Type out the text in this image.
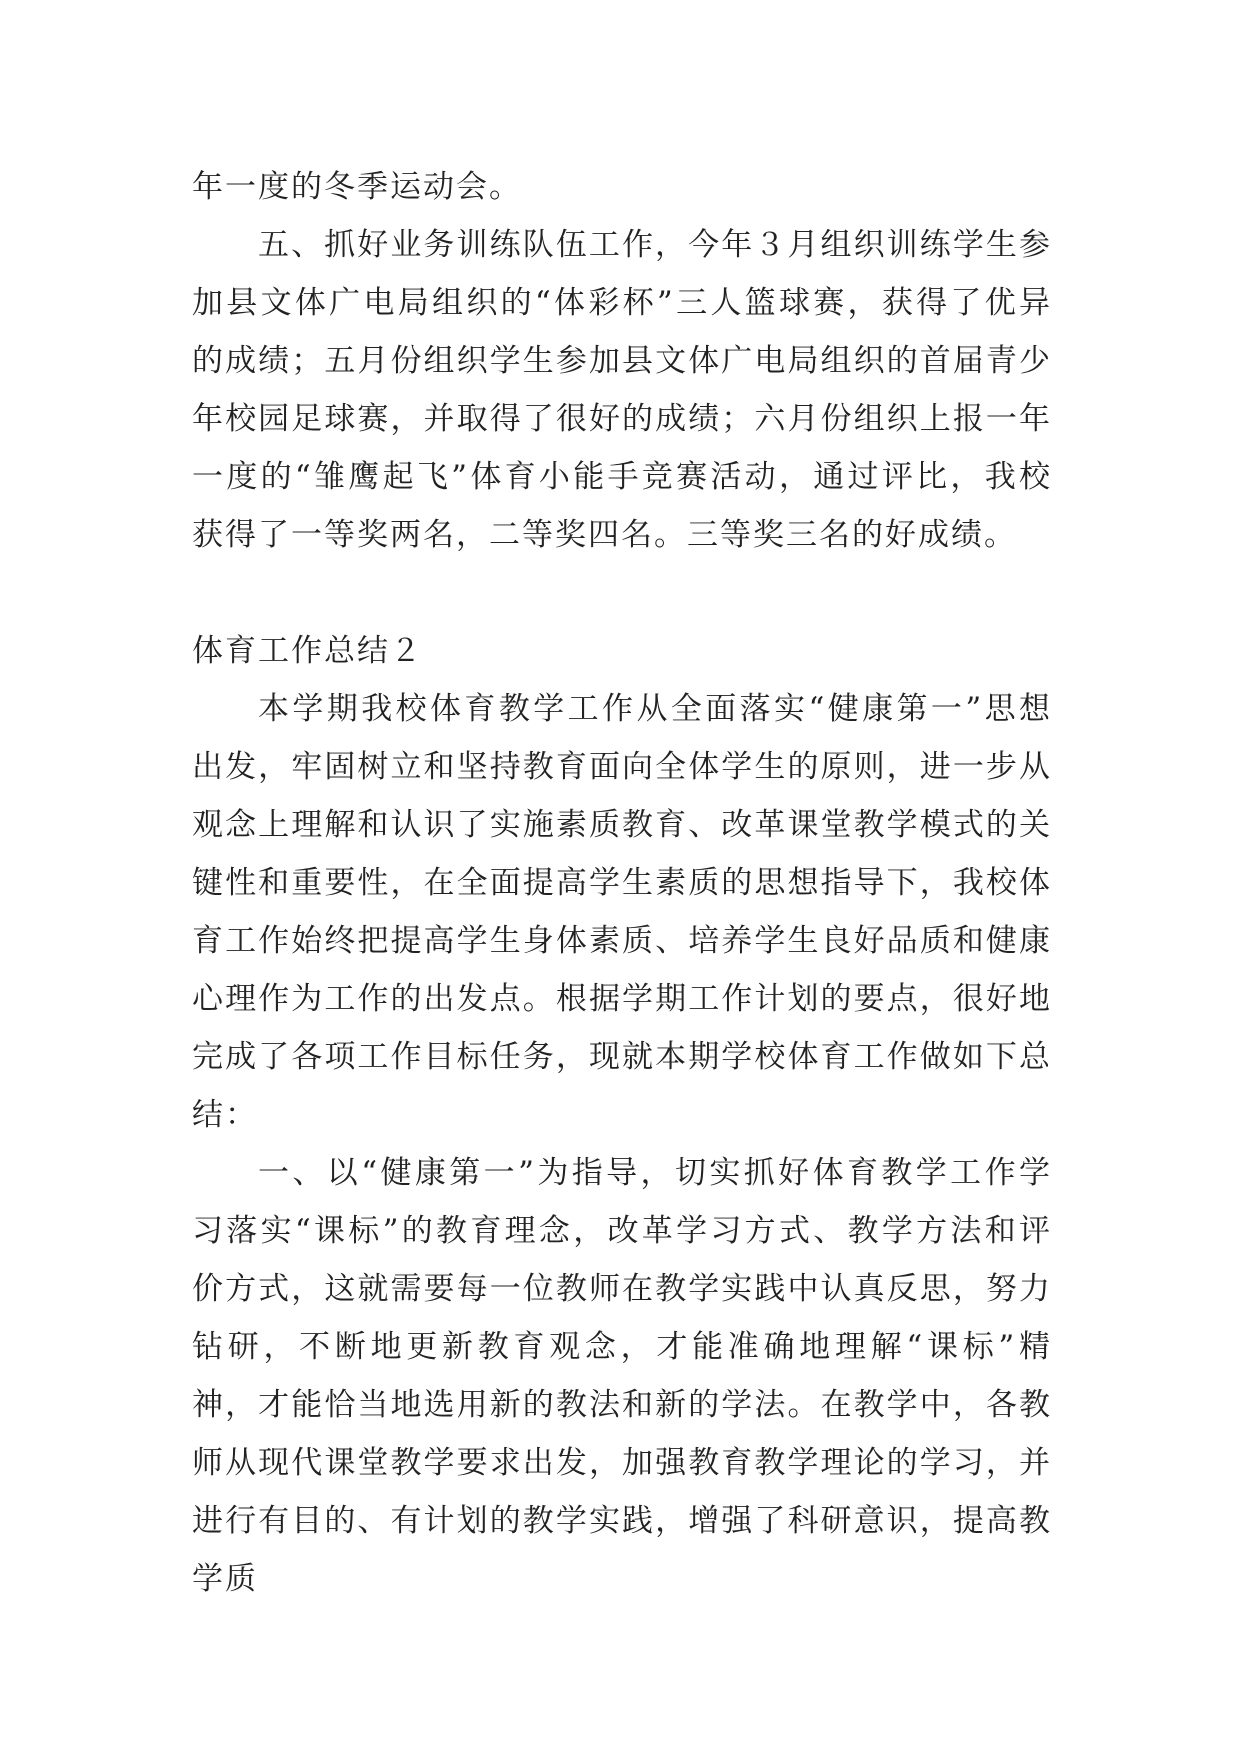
年一度的冬季运动会。

五、抓好业务训练队伍工作，今年３月组织训练学生参加县文体广电局组织的“体彩杯”三人篮球赛，获得了优异的成绩；五月份组织学生参加县文体广电局组织的首届青少年校园足球赛，并取得了很好的成绩；六月份组织上报一年一度的“雏鹰起飞”体育小能手竞赛活动，通过评比，我校获得了一等奖两名，二等奖四名。三等奖三名的好成绩。

体育工作总结２

本学期我校体育教学工作从全面落实“健康第一”思想出发，牢固树立和坚持教育面向全体学生的原则，进一步从观念上理解和认识了实施素质教育、改革课堂教学模式的关键性和重要性，在全面提高学生素质的思想指导下，我校体育工作始终把提高学生身体素质、培养学生良好品质和健康心理作为工作的出发点。根据学期工作计划的要点，很好地完成了各项工作目标任务，现就本期学校体育工作做如下总结：

一、以“健康第一”为指导，切实抓好体育教学工作学习落实“课标”的教育理念，改革学习方式、教学方法和评价方式，这就需要每一位教师在教学实践中认真反思，努力钻研，不断地更新教育观念，才能准确地理解“课标”精神，才能恰当地选用新的教法和新的学法。在教学中，各教师从现代课堂教学要求出发，加强教育教学理论的学习，并进行有目的、有计划的教学实践，增强了科研意识，提高教学质
